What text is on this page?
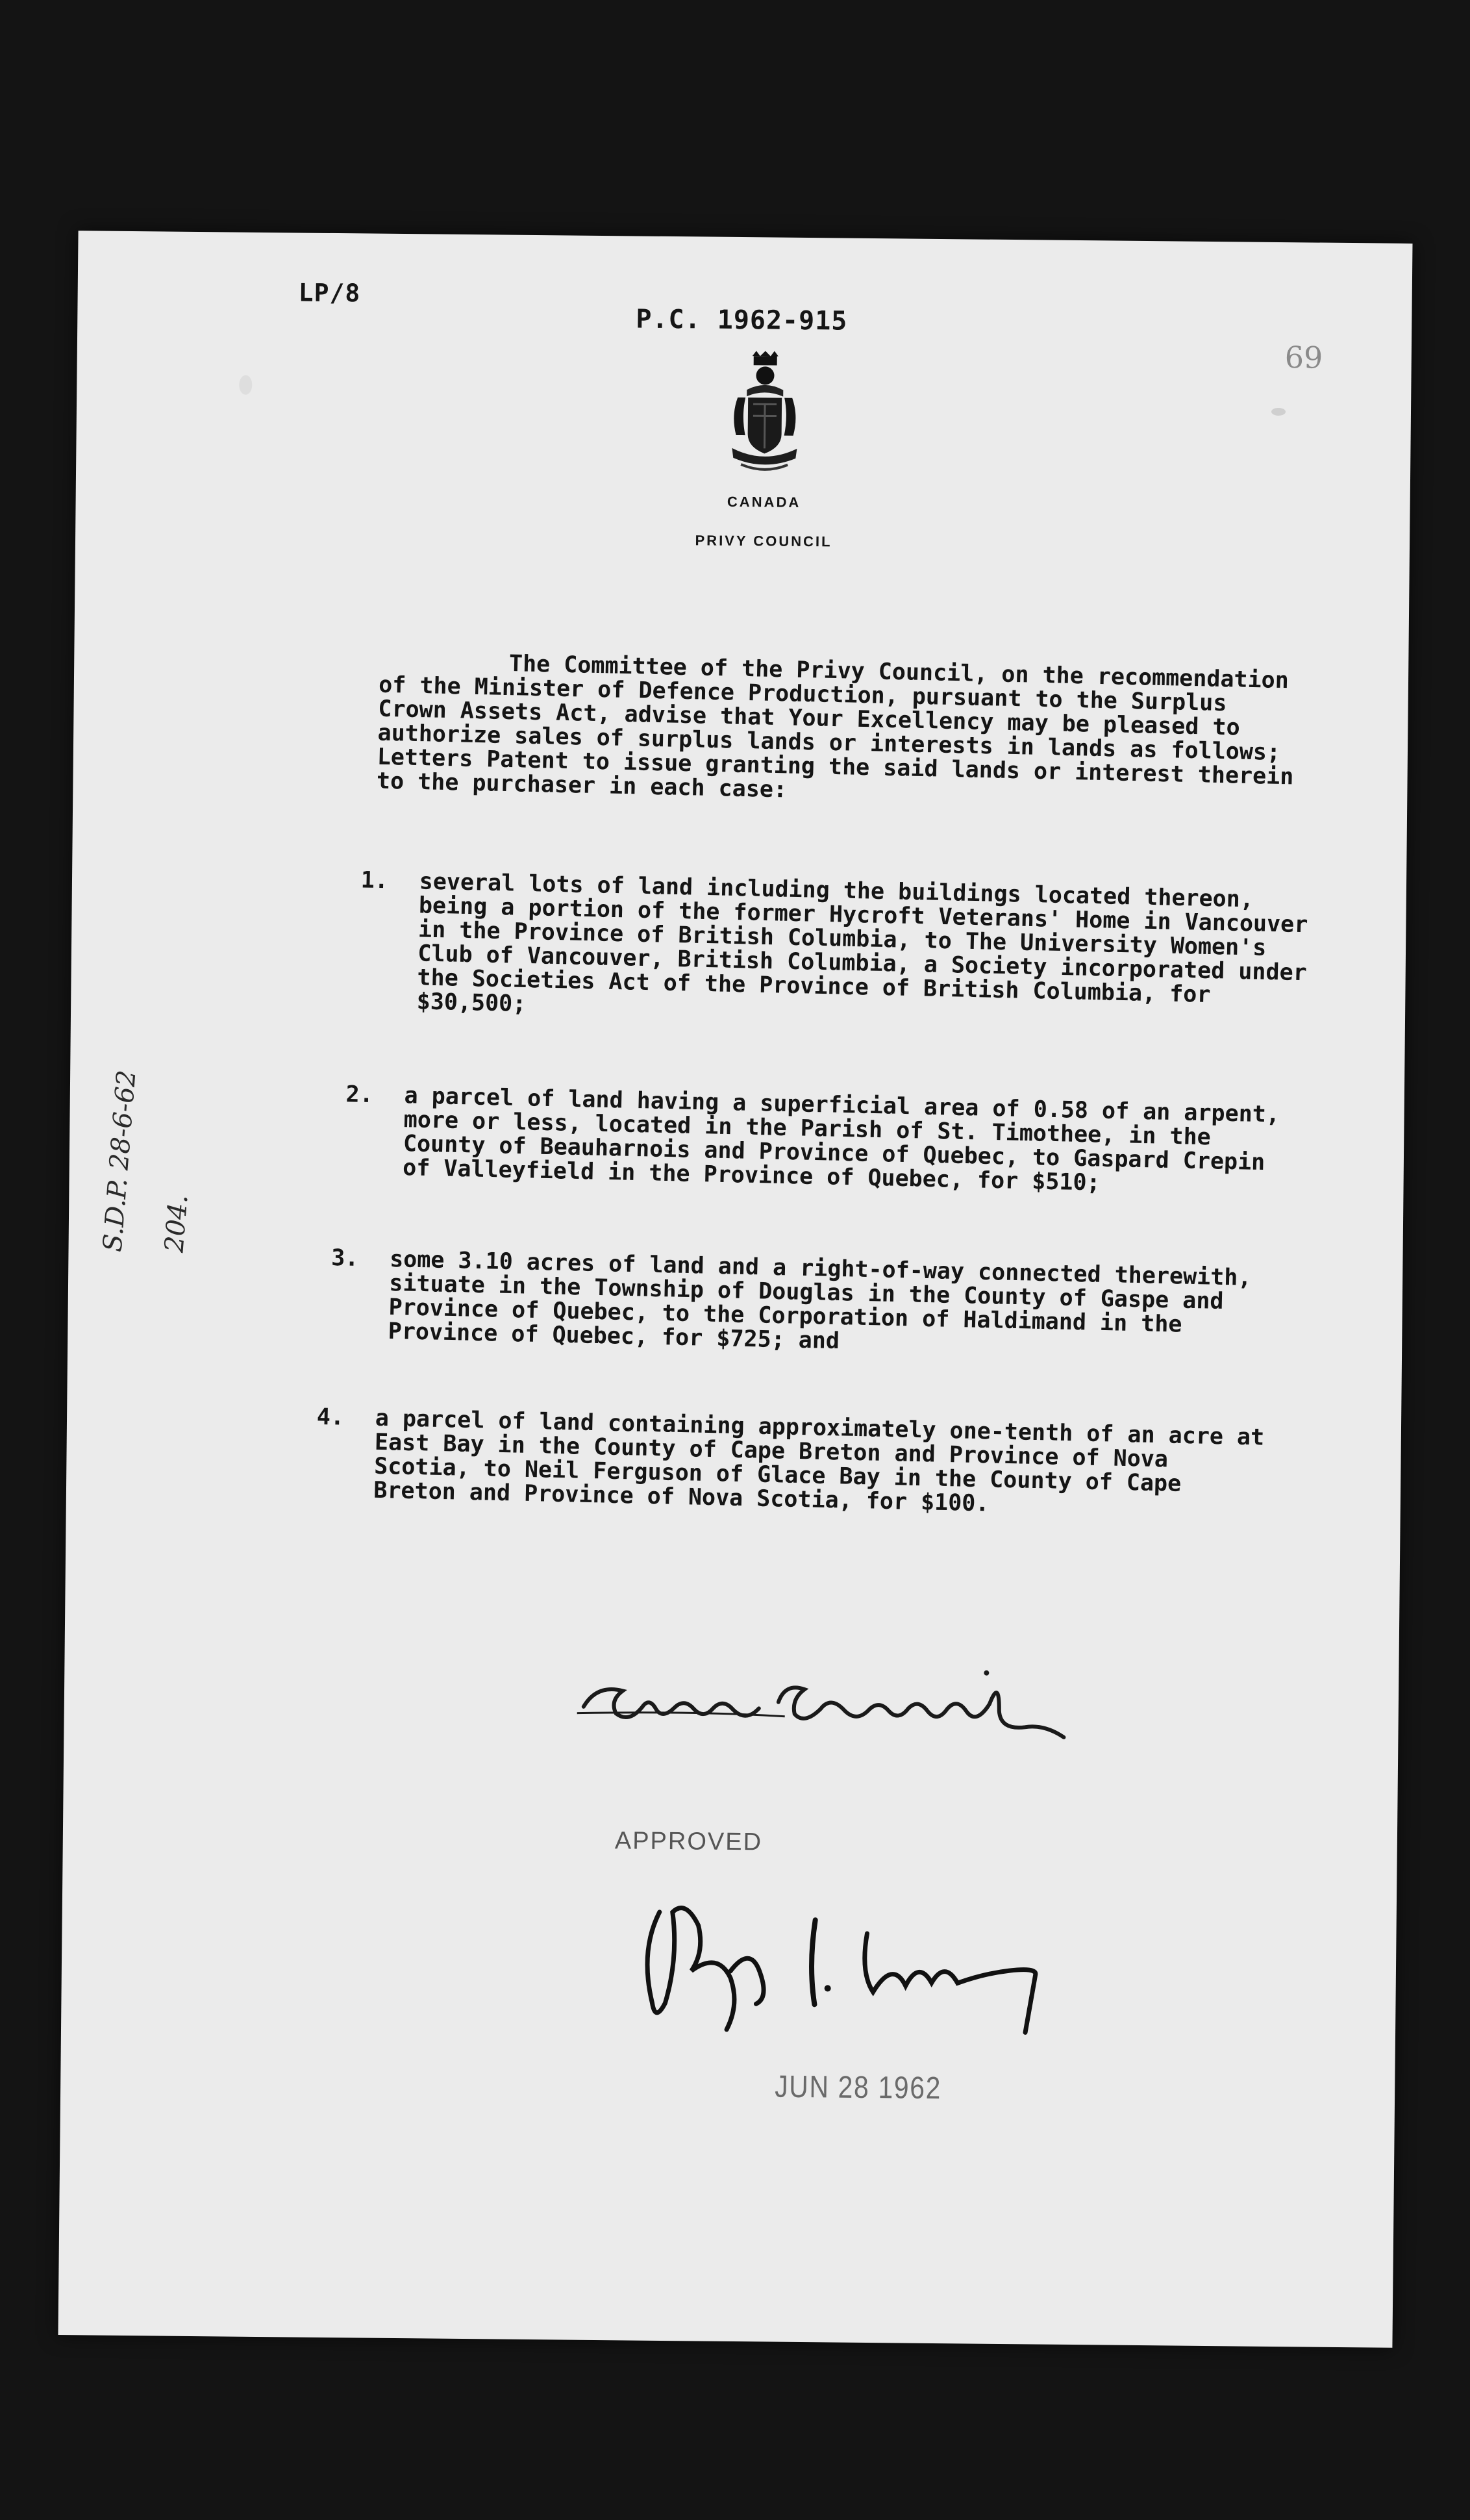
LP/8
P.C. 1962-915
69
CANADA
PRIVY COUNCIL
The Committee of the Privy Council, on the recommendation of the Minister of Defence Production, pursuant to the Surplus Crown Assets Act, advise that Your Excellency may be pleased to authorize sales of surplus lands or interests in lands as follows; Letters Patent to issue granting the said lands or interest therein to the purchaser in each case:
1.	several lots of land including the buildings located thereon, being a portion of the former Hycroft Veterans' Home in Vancouver in the Province of British Columbia, to The University Women's Club of Vancouver, British Columbia, a Society incorporated under the Societies Act of the Province of British Columbia, for $30,500;
2.	a parcel of land having a superficial area of 0.58 of an arpent, more or less, located in the Parish of St. Timothee, in the County of Beauharnois and Province of Quebec, to Gaspard Crepin of Valleyfield in the Province of Quebec, for $510;
3.	some 3.10 acres of land and a right-of-way connected therewith, situate in the Township of Douglas in the County of Gaspe and Province of Quebec, to the Corporation of Haldimand in the Province of Quebec, for $725; and
4.	a parcel of land containing approximately one-tenth of an acre at East Bay in the County of Cape Breton and Province of Nova Scotia, to Neil Ferguson of Glace Bay in the County of Cape Breton and Province of Nova Scotia, for $100.
S.D.P. 28-6-62 204.
APPROVED
JUN 28 1962
